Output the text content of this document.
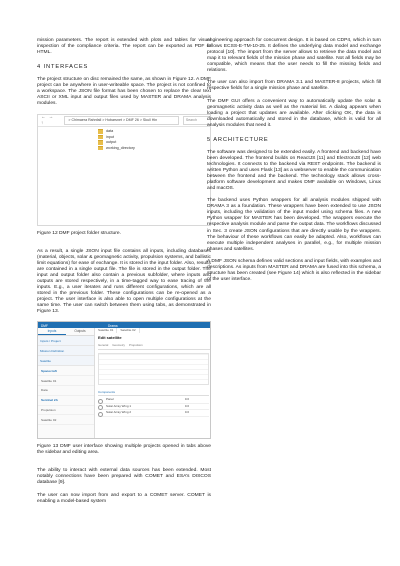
mission parameters. The report is extended with plots and tables for visual inspection of the compliance criteria. The report can be exported as PDF or HTML.

4 INTERFACES

The project structure on disc remained the same, as shown in Figure 12. A DMF project can be anywhere in user-writeable space. The project is not confined to a workspace. The JSON file format has been chosen to replace the clear text ASCII or XML input and output files used by MASTER and DRAMA analysis modules.

← → ↑
> Chimaera Rahnfall > Hobarsnet > DMF 26 > Skull Hin	Search
data
input
output
working_directory

Figure 12 DMF project folder structure.

As a result, a single JSON input file contains all inputs, including databases (material, objects, solar & geomagnetic activity, propulsion systems, and ballistic limit equations) for ease of exchange. It is stored in the input folder. Also, results are contained in a single output file. The file is stored in the output folder. The input and output folder also contain a previous subfolder, where inputs and outputs are stored respectively, in a time-tagged way to ease tracing of the inputs. E.g., a user iterates and runs different configurations, which are all stored in the previous folder. These configurations can be re-opened as a project. The user interface is also able to open multiple configurations at the same time. The user can switch between them using tabs, as demonstrated in Figure 13.

DMF	Drama
Inputs	Outputs
Inputs / Project
Mission Definition
Satellite
Spacecraft
Satellite 01
Data
Sentinel 2A
Propulsion
Satellite 02
Satellite 01	Satellite 02
Edit satellite
General Geometry Propulsion
Components
Panel	0.0
Solar Array Wing 1	0.0
Solar Array Wing 2	0.0

Figure 13 DMF user interface showing multiple projects opened in tabs above the sidebar and editing area.

The ability to interact with external data sources has been extended. Most notably connections have been prepared with COMET and ESA’s DISCOS database [9].

The user can now import from and export to a COMET server. COMET is enabling a model-based system

engineering approach for concurrent design. It is based on CDP4, which in turn follows ECSS-E-TM-10-25. It defines the underlying data model and exchange protocol [10]. The import from the server allows to retrieve the data model and map it to relevant fields of the mission phase and satellite. Not all fields may be compatible, which means that the user needs to fill the missing fields and relations.

The user can also import from DRAMA 3.1 and MASTER-8 projects, which fill respective fields for a single mission phase and satellite.

The DMF GUI offers a convenient way to automatically update the solar & geomagnetic activity data as well as the material list. A dialog appears when loading a project that updates are available. After clicking OK, the data is downloaded automatically and stored in the database, which is valid for all analysis modules that need it.

5 ARCHITECTURE

The software was designed to be extended easily. A frontend and backend have been developed. The frontend builds on ReactJS [11] and ElectronJS [12] web technologies. It connects to the backend via REST endpoints. The backend is written Python and uses Flask [13] as a webserver to enable the communication between the frontend and the backend. The technology stack allows cross-platform software development and makes DMF available on Windows, Linux and macOS.

The backend uses Python wrappers for all analysis modules shipped with DRAMA 3 as a foundation. These wrappers have been extended to use JSON inputs, including the validation of the input model using schema files. A new Python wrapper for MASTER has been developed. The wrappers execute the respective analysis module and parse the output data. The workflows discussed in Sec. 3 create JSON configurations that are directly usable by the wrappers. The behaviour of these workflows can easily be adapted. Also, workflows can execute multiple independent analyses in parallel, e.g., for multiple mission phases and satellites.

A DMF JSON schema defines valid sections and input fields, with examples and descriptions. As inputs from MASTER and DRAMA are fused into this schema, a structure has been created (see Figure 14) which is also reflected in the sidebar of the user interface.
